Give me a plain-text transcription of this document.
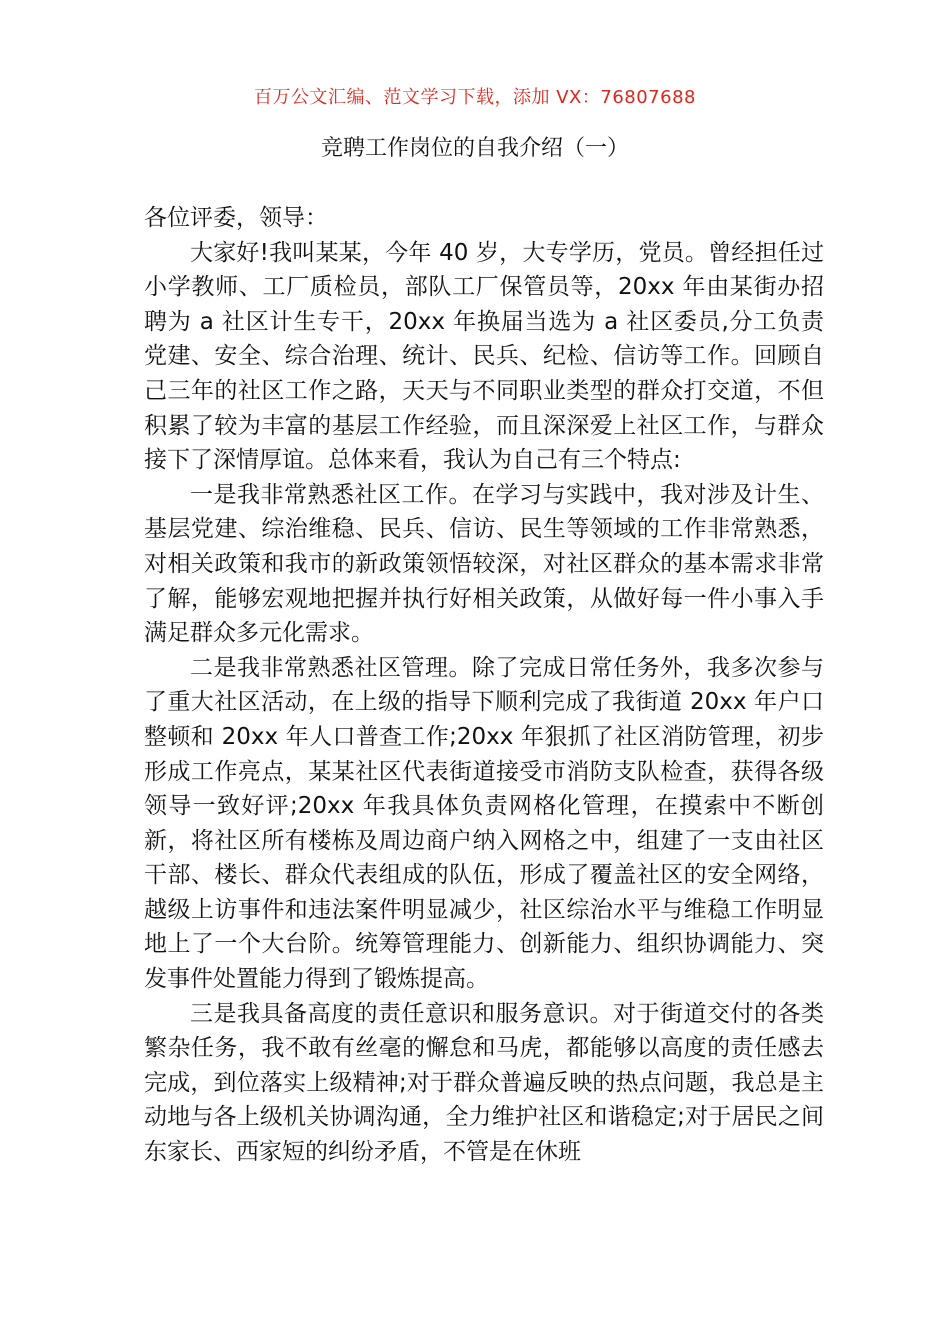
百万公文汇编、范文学习下载，添加 VX：76807688
竞聘工作岗位的自我介绍（一）

各位评委，领导：

大家好!我叫某某，今年 40 岁，大专学历，党员。曾经担任过小学教师、工厂质检员，部队工厂保管员等，20xx 年由某街办招聘为 a 社区计生专干，20xx 年换届当选为 a 社区委员,分工负责党建、安全、综合治理、统计、民兵、纪检、信访等工作。回顾自己三年的社区工作之路，天天与不同职业类型的群众打交道，不但积累了较为丰富的基层工作经验，而且深深爱上社区工作，与群众接下了深情厚谊。总体来看，我认为自己有三个特点:

一是我非常熟悉社区工作。在学习与实践中，我对涉及计生、基层党建、综治维稳、民兵、信访、民生等领域的工作非常熟悉，对相关政策和我市的新政策领悟较深，对社区群众的基本需求非常了解，能够宏观地把握并执行好相关政策，从做好每一件小事入手满足群众多元化需求。

二是我非常熟悉社区管理。除了完成日常任务外，我多次参与了重大社区活动，在上级的指导下顺利完成了我街道 20xx 年户口整顿和 20xx 年人口普查工作;20xx 年狠抓了社区消防管理，初步形成工作亮点，某某社区代表街道接受市消防支队检查，获得各级领导一致好评;20xx 年我具体负责网格化管理，在摸索中不断创新，将社区所有楼栋及周边商户纳入网格之中，组建了一支由社区干部、楼长、群众代表组成的队伍，形成了覆盖社区的安全网络，越级上访事件和违法案件明显减少，社区综治水平与维稳工作明显地上了一个大台阶。统筹管理能力、创新能力、组织协调能力、突发事件处置能力得到了锻炼提高。

三是我具备高度的责任意识和服务意识。对于街道交付的各类繁杂任务，我不敢有丝毫的懈怠和马虎，都能够以高度的责任感去完成，到位落实上级精神;对于群众普遍反映的热点问题，我总是主动地与各上级机关协调沟通，全力维护社区和谐稳定;对于居民之间东家长、西家短的纠纷矛盾，不管是在休班
